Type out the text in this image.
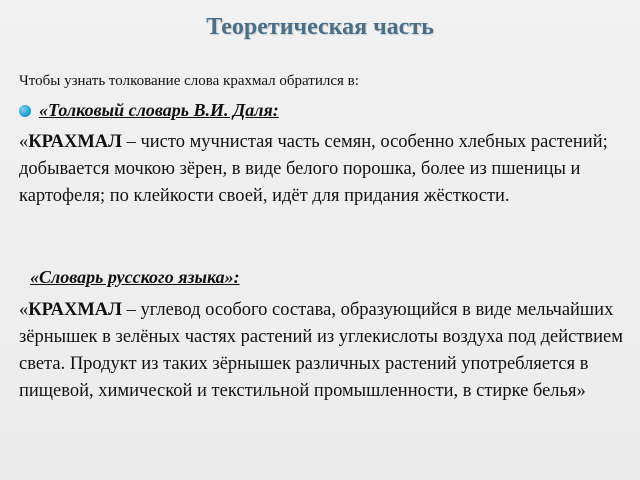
Теоретическая часть

Чтобы узнать толкование слова крахмал обратился в:

«Толковый словарь В.И. Даля:

«КРАХМАЛ – чисто мучнистая часть семян, особенно хлебных растений; добывается мочкою зёрен, в виде белого порошка, более из пшеницы и картофеля; по клейкости своей, идёт для придания жёсткости.

«Словарь русского языка»:

«КРАХМАЛ – углевод особого состава, образующийся в виде мельчайших зёрнышек в зелёных частях растений из углекислоты воздуха под действием света. Продукт из таких зёрнышек различных растений употребляется в пищевой, химической и текстильной промышленности, в стирке белья»
